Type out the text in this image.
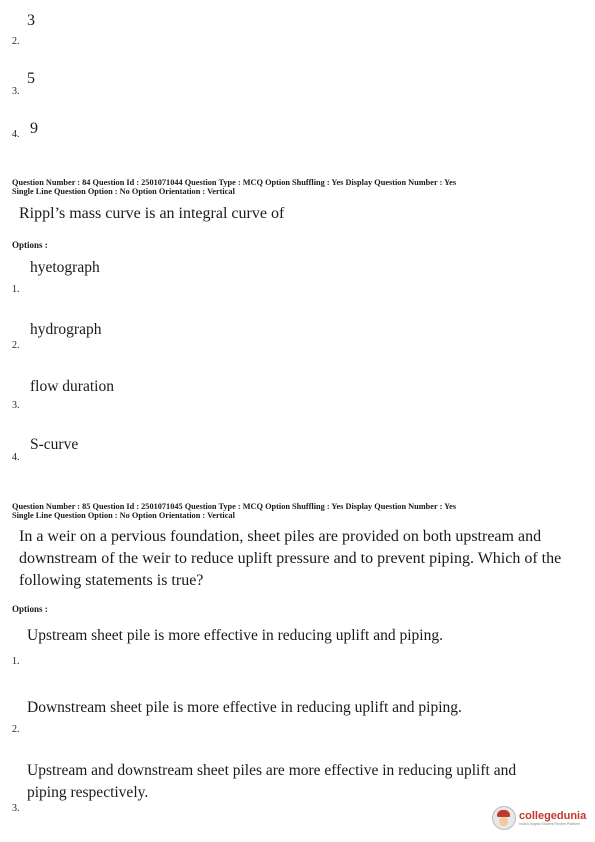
3
2.
5
3.
9
4.
Question Number : 84 Question Id : 2501071044 Question Type : MCQ Option Shuffling : Yes Display Question Number : Yes
Single Line Question Option : No Option Orientation : Vertical
Rippl’s mass curve is an integral curve of
Options :
hyetograph
1.
hydrograph
2.
flow duration
3.
S-curve
4.
Question Number : 85 Question Id : 2501071045 Question Type : MCQ Option Shuffling : Yes Display Question Number : Yes
Single Line Question Option : No Option Orientation : Vertical
In a weir on a pervious foundation, sheet piles are provided on both upstream and
downstream of the weir to reduce uplift pressure and to prevent piping. Which of the
following statements is true?
Options :
Upstream sheet pile is more effective in reducing uplift and piping.
1.
Downstream sheet pile is more effective in reducing uplift and piping.
2.
Upstream and downstream sheet piles are more effective in reducing uplift and
piping respectively.
3.
collegedunia
India's largest Student Review Platform
